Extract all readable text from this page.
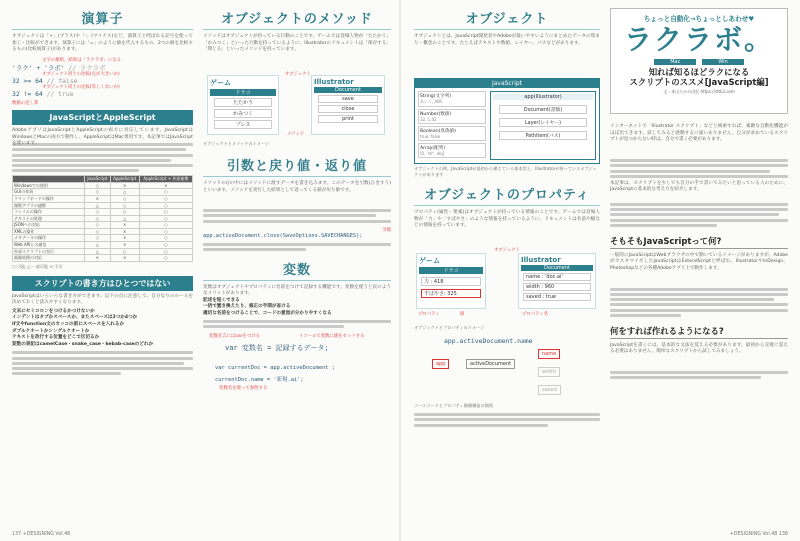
演算子
オブジェクトは「+」(プラス)や「-」(マイナス)など、演算子と呼ばれる記号を使って加工・比較ができます。演算子には「=」のように値を代入するもの、2つの値を比較するもの(比較演算子)があります。
文字の連結、結果は「ラクラボ」になる
'ラク' + 'ラボ' // ラクラボ
オブジェクト同士の比較(左が大きいか)
32 >= 64 // false
オブジェクト同士の比較(等しくないか)
32 != 64 // true
数値の足し算
JavaScriptとAppleScript
AdobeアプリはJavaScriptとAppleScriptの両方に対応しています。JavaScriptはWindowsとMacの両方で動作し、AppleScriptはMac専用です。本記事ではJavaScriptを使います。
	JavaScript	AppleScript	AppleScript + 外部連携
Windowsでの使用	○	×	×
GUIの作成	○	△	○
クリップボードの操作	×	○	○
複数アプリの連携	△	○	○
ファイルの操作	○	○	○
テキストの処理	○	△	○
JSONへの対応	○	×	○
XMLの操作	○	×	○
メタデータの操作	○	×	○
Web APIとの通信	△	×	○
外部スクリプトの実行	△	○	○
画像処理の対応	×	×	○
○:可能 △:一部可能 ×:不可
スクリプトの書き方はひとつではない
JavaScriptはいろいろな書き方ができます。以下の点に注意して、自分なりのルールを決めておくと読みやすくなります。
文末にセミコロンをつけるかつけないか
インデントはタブかスペースか、またスペースは2つか4つか
if文やfunction文のカッコの前にスペースを入れるか
ダブルクオートかシングルクオートか
テキストを改行する位置をどこで区切るか
変数の表記はcamelCase・snake_case・kebab-caseのどれか
137 +DESIGNING Vol.48
オブジェクトのメソッド
メソッドはオブジェクトが持っている行動のことです。ゲームでは登場人物が「たたかう」「かみつく」といった行動を持っているように、Illustratorのドキュメントは「保存する」「閉じる」といったメソッドを持っています。
ゲーム
ドラコ
たたかう
かみつく
ブレス
オブジェクト
Illustrator
Document
save
close
print
メソッド
オブジェクトとメソッドのイメージ
引数と戻り値・返り値
メソッドの()の中にはメソッドに渡すデータを書き込みます。このデータを引数(ひきすう)といいます。メソッドを実行した結果として返ってくる値が戻り値です。
引数
app.activeDocument.close(SaveOptions.SAVECHANGES);
変数
変数はオブジェクトやプロパティに名前をつけて記録する機能です。変数を使うと次のようなメリットがあります。
記述を短くできる
一括で置き換えたり、修正の手間が省ける
適切な名前をつけることで、コードの意図が分かりやすくなる
変数宣言にはvarをつける	イコールで変数に値をセットする
var 変数名 = 記録するデータ;
var currentDoc = app.activeDocument ;
currentDoc.name = '新規.ai';
変数名を使って参照する
オブジェクト
オブジェクトとは、JavaScript開発者やAdobeが扱いやすいようにまとめたデータの集まり・概念のことです。たとえばテキストや数値、レイヤー、パスなどがあります。
JavaScript
String(文字列)
あいう, ABC
Number(数値)
32, 1.42
Boolean(真偽値)
true, false
Array(配列)
[0, 'str', obj]
app(Illustrator)
Document(書類)
Layer(レイヤー)
PathItem(パス)
オブジェクトの例。JavaScriptが最初から備えている基本型と、Illustratorが持っているオブジェクトがあります
オブジェクトのプロパティ
プロパティ(属性・要素)はオブジェクトが持っている情報のことです。ゲームでは登場人物が「力」や「すばやさ」のような情報を持っているように、ドキュメントは名前や幅などの情報を持っています。
オブジェクト
ゲーム
ドラコ
力 : 418
すばやさ: 325
Illustrator
Document
name : 'doc.ai'
width : 960
saved : true
プロパティ	値	プロパティ名
オブジェクトとプロパティのイメージ
app.activeDocument.name
app	activeDocument
name
width
saved
ソースコードとプロパティ階層構造の関係
ちょっと自動化→ちょっとしあわせ♥
ラクラボ。
Mac	Win
知れば知るほどラクになる
スクリプトのススメ[JavaScript編]
文・本山たかみ由紀 https://sttk3.com
インターネットで「Illustrator スクリプト」などと検索すれば、素敵な自動化機能がほぼ出てきます。試してみると感動するに違いありません。自分が求めているスクリプトが見つからない時は、自分で書く必要があります。
本記事は、スクリプトを少しでも自分の手で書いてみたいと思っている人のために、JavaScriptの基本的な考え方を紹介します。
そもそもJavaScriptって何?
一般的にJavaScriptはWebブラウザの中で動いているイメージがありますが、AdobeがカスタマイズしたJavaScriptはExtendScriptと呼ばれ、IllustratorやInDesign、Photoshopなどの各種Adobeアプリ上で動作します。
何をすれば作れるようになる?
JavaScriptを書くには、基本的な文法を覚える必要があります。最初から完璧に覚える必要はありません。簡単なスクリプトから試してみましょう。
+DESIGNING Vol.48 138
